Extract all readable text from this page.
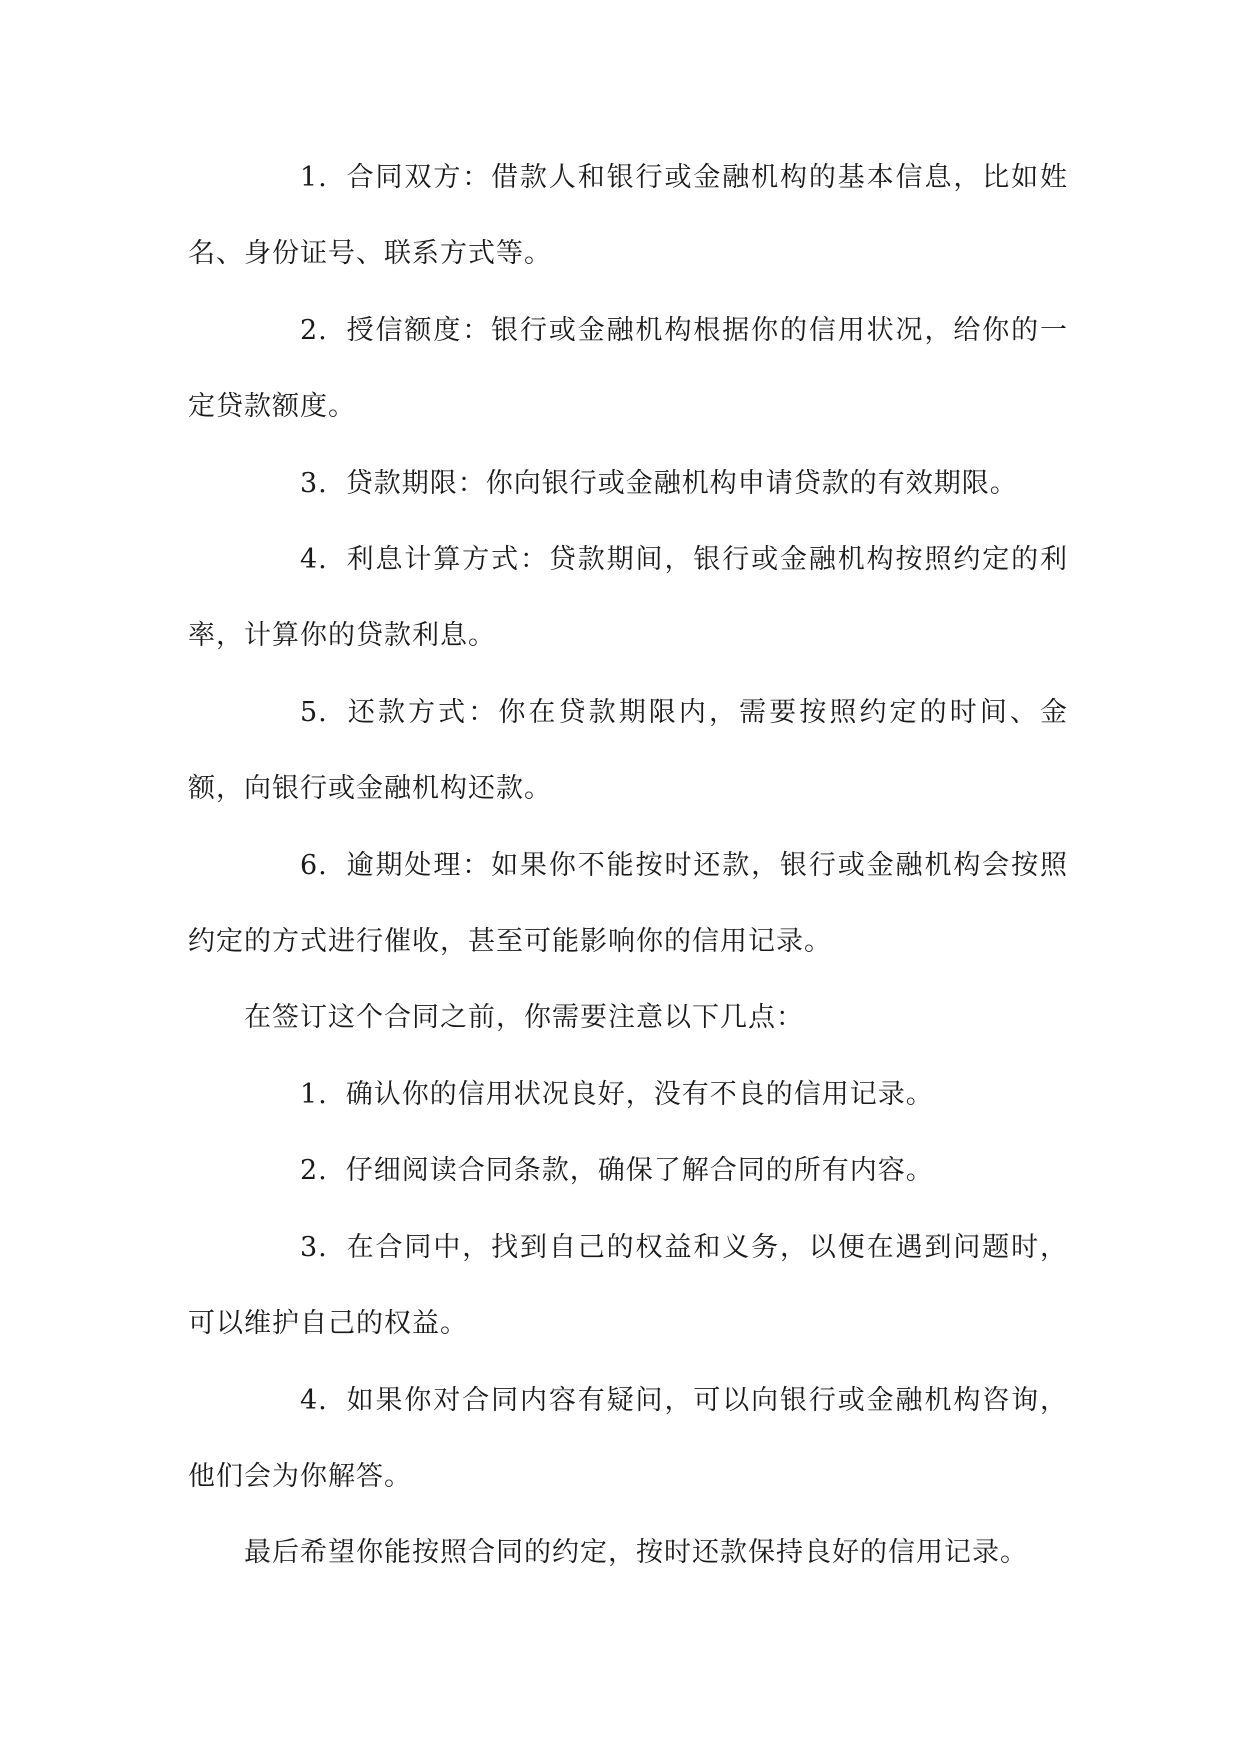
1. 合同双方：借款人和银行或金融机构的基本信息，比如姓名、身份证号、联系方式等。

2. 授信额度：银行或金融机构根据你的信用状况，给你的一定贷款额度。

3. 贷款期限：你向银行或金融机构申请贷款的有效期限。

4. 利息计算方式：贷款期间，银行或金融机构按照约定的利率，计算你的贷款利息。

5. 还款方式：你在贷款期限内，需要按照约定的时间、金额，向银行或金融机构还款。

6. 逾期处理：如果你不能按时还款，银行或金融机构会按照约定的方式进行催收，甚至可能影响你的信用记录。

在签订这个合同之前，你需要注意以下几点：

1. 确认你的信用状况良好，没有不良的信用记录。

2. 仔细阅读合同条款，确保了解合同的所有内容。

3. 在合同中，找到自己的权益和义务，以便在遇到问题时，可以维护自己的权益。

4. 如果你对合同内容有疑问，可以向银行或金融机构咨询，他们会为你解答。

最后希望你能按照合同的约定，按时还款保持良好的信用记录。
